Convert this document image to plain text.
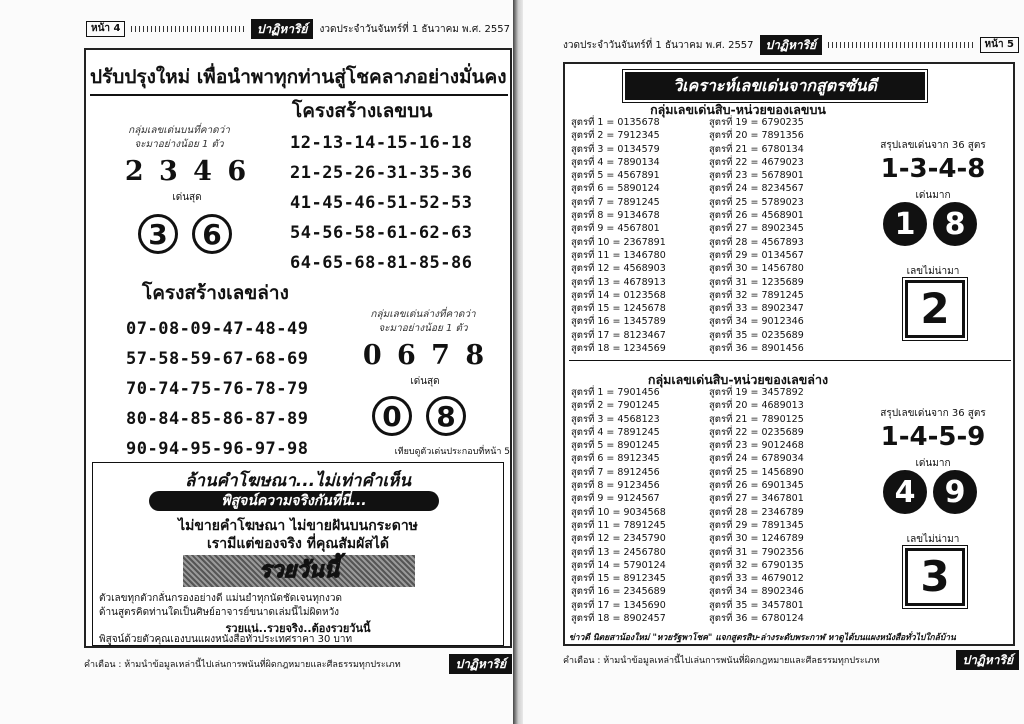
หน้า 4	ปาฏิหาริย์	งวดประจำวันจันทร์ที่ 1 ธันวาคม พ.ศ. 2557
ปรับปรุงใหม่ เพื่อนำพาทุกท่านสู่โชคลาภอย่างมั่นคง
โครงสร้างเลขบน
กลุ่มเลขเด่นบนที่คาดว่า
จะมาอย่างน้อย 1 ตัว
2 3 4 6
เด่นสุด
3	6
12-13-14-15-16-18
21-25-26-31-35-36
41-45-46-51-52-53
54-56-58-61-62-63
64-65-68-81-85-86
โครงสร้างเลขล่าง
07-08-09-47-48-49
57-58-59-67-68-69
70-74-75-76-78-79
80-84-85-86-87-89
90-94-95-96-97-98
กลุ่มเลขเด่นล่างที่คาดว่า
จะมาอย่างน้อย 1 ตัว
0 6 7 8
เด่นสุด
0	8
เทียบดูตัวเด่นประกอบที่หน้า 5
ล้านคำโฆษณา...ไม่เท่าคำเห็น
พิสูจน์ความจริงกันที่นี่...
ไม่ขายคำโฆษณา ไม่ขายฝันบนกระดาษ
เรามีแต่ของจริง ที่คุณสัมผัสได้
รวยวันนี้
ตัวเลขทุกตัวกลั่นกรองอย่างดี แม่นยำทุกนัดชัดเจนทุกงวด
ด้านสูตรคิดท่านใดเป็นศิษย์อาจารย์ขนาดเล่มนี้ไม่ผิดหวัง
รวยแน่..รวยจริง..ต้องรวยวันนี้
พิสูจน์ด้วยตัวคุณเองบนแผงหนังสือทั่วประเทศราคา 30 บาท
คำเตือน : ห้ามนำข้อมูลเหล่านี้ไปเล่นการพนันที่ผิดกฎหมายและศีลธรรมทุกประเภท	ปาฏิหาริย์
งวดประจำวันจันทร์ที่ 1 ธันวาคม พ.ศ. 2557	ปาฏิหาริย์	หน้า 5
วิเคราะห์เลขเด่นจากสูตรซันดี
กลุ่มเลขเด่นสิบ-หน่วยของเลขบน
สูตรที่ 1 = 0135678
สูตรที่ 2 = 7912345
สูตรที่ 3 = 0134579
สูตรที่ 4 = 7890134
สูตรที่ 5 = 4567891
สูตรที่ 6 = 5890124
สูตรที่ 7 = 7891245
สูตรที่ 8 = 9134678
สูตรที่ 9 = 4567801
สูตรที่ 10 = 2367891
สูตรที่ 11 = 1346780
สูตรที่ 12 = 4568903
สูตรที่ 13 = 4678913
สูตรที่ 14 = 0123568
สูตรที่ 15 = 1245678
สูตรที่ 16 = 1345789
สูตรที่ 17 = 8123467
สูตรที่ 18 = 1234569
สูตรที่ 19 = 6790235
สูตรที่ 20 = 7891356
สูตรที่ 21 = 6780134
สูตรที่ 22 = 4679023
สูตรที่ 23 = 5678901
สูตรที่ 24 = 8234567
สูตรที่ 25 = 5789023
สูตรที่ 26 = 4568901
สูตรที่ 27 = 8902345
สูตรที่ 28 = 4567893
สูตรที่ 29 = 0134567
สูตรที่ 30 = 1456780
สูตรที่ 31 = 1235689
สูตรที่ 32 = 7891245
สูตรที่ 33 = 8902347
สูตรที่ 34 = 9012346
สูตรที่ 35 = 0235689
สูตรที่ 36 = 8901456
สรุปเลขเด่นจาก 36 สูตร
1-3-4-8
เด่นมาก
1 8
เลขไม่น่ามา
2
กลุ่มเลขเด่นสิบ-หน่วยของเลขล่าง
สูตรที่ 1 = 7901456
สูตรที่ 2 = 7901245
สูตรที่ 3 = 4568123
สูตรที่ 4 = 7891245
สูตรที่ 5 = 8901245
สูตรที่ 6 = 8912345
สูตรที่ 7 = 8912456
สูตรที่ 8 = 9123456
สูตรที่ 9 = 9124567
สูตรที่ 10 = 9034568
สูตรที่ 11 = 7891245
สูตรที่ 12 = 2345790
สูตรที่ 13 = 2456780
สูตรที่ 14 = 5790124
สูตรที่ 15 = 8912345
สูตรที่ 16 = 2345689
สูตรที่ 17 = 1345690
สูตรที่ 18 = 8902457
สูตรที่ 19 = 3457892
สูตรที่ 20 = 4689013
สูตรที่ 21 = 7890125
สูตรที่ 22 = 0235689
สูตรที่ 23 = 9012468
สูตรที่ 24 = 6789034
สูตรที่ 25 = 1456890
สูตรที่ 26 = 6901345
สูตรที่ 27 = 3467801
สูตรที่ 28 = 2346789
สูตรที่ 29 = 7891345
สูตรที่ 30 = 1246789
สูตรที่ 31 = 7902356
สูตรที่ 32 = 6790135
สูตรที่ 33 = 4679012
สูตรที่ 34 = 8902346
สูตรที่ 35 = 3457801
สูตรที่ 36 = 6780124
สรุปเลขเด่นจาก 36 สูตร
1-4-5-9
เด่นมาก
4 9
เลขไม่น่ามา
3
ข่าวดี นิตยสาน้องใหม่ "หวยรัฐพาโชค" แจกสูตรสิบ-ล่างระดับพระกาฬ หาดูได้บนแผงหนังสือทั่วไปใกล้บ้าน
คำเตือน : ห้ามนำข้อมูลเหล่านี้ไปเล่นการพนันที่ผิดกฎหมายและศีลธรรมทุกประเภท	ปาฏิหาริย์
